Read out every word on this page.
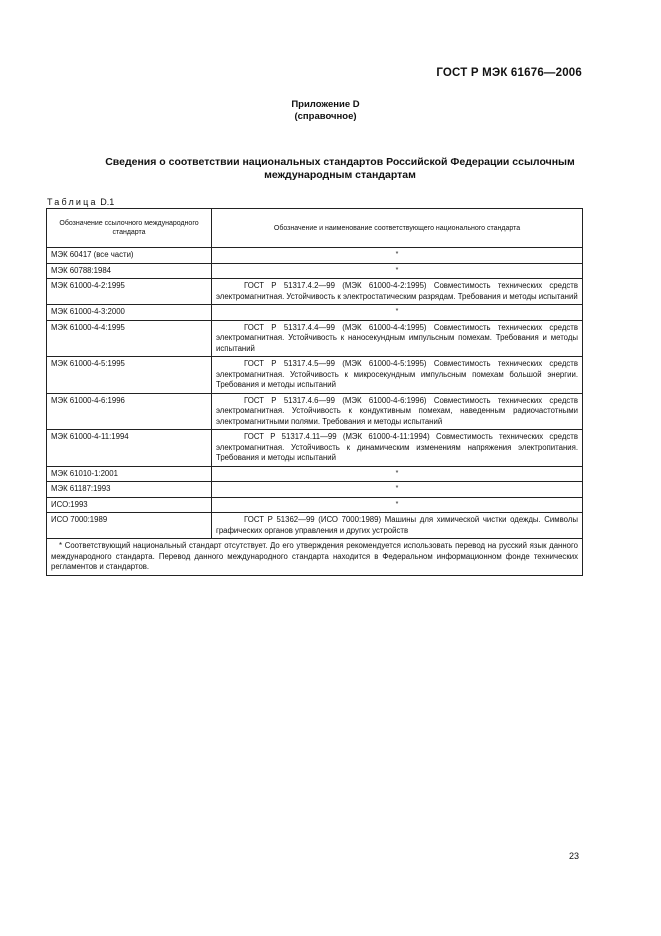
ГОСТ Р МЭК 61676—2006
Приложение D
(справочное)
Сведения о соответствии национальных стандартов Российской Федерации ссылочным международным стандартам
Таблица D.1
Обозначение ссылочного международного стандарта	Обозначение и наименование соответствующего национального стандарта
МЭК 60417 (все части)	*
МЭК 60788:1984	*
МЭК 61000-4-2:1995	ГОСТ Р 51317.4.2—99 (МЭК 61000-4-2:1995) Совместимость технических средств электромагнитная. Устойчивость к электростатическим разрядам. Требования и методы испытаний
МЭК 61000-4-3:2000	*
МЭК 61000-4-4:1995	ГОСТ Р 51317.4.4—99 (МЭК 61000-4-4:1995) Совместимость технических средств электромагнитная. Устойчивость к наносекундным импульсным помехам. Требования и методы испытаний
МЭК 61000-4-5:1995	ГОСТ Р 51317.4.5—99 (МЭК 61000-4-5:1995) Совместимость технических средств электромагнитная. Устойчивость к микросекундным импульсным помехам большой энергии. Требования и методы испытаний
МЭК 61000-4-6:1996	ГОСТ Р 51317.4.6—99 (МЭК 61000-4-6:1996) Совместимость технических средств электромагнитная. Устойчивость к кондуктивным помехам, наведенным радиочастотными электромагнитными полями. Требования и методы испытаний
МЭК 61000-4-11:1994	ГОСТ Р 51317.4.11—99 (МЭК 61000-4-11:1994) Совместимость технических средств электромагнитная. Устойчивость к динамическим изменениям напряжения электропитания. Требования и методы испытаний
МЭК 61010-1:2001	*
МЭК 61187:1993	*
ИСО:1993	*
ИСО 7000:1989	ГОСТ Р 51362—99 (ИСО 7000:1989) Машины для химической чистки одежды. Символы графических органов управления и других устройств
* Соответствующий национальный стандарт отсутствует. До его утверждения рекомендуется использовать перевод на русский язык данного международного стандарта. Перевод данного международного стандарта находится в Федеральном информационном фонде технических регламентов и стандартов.	
23
